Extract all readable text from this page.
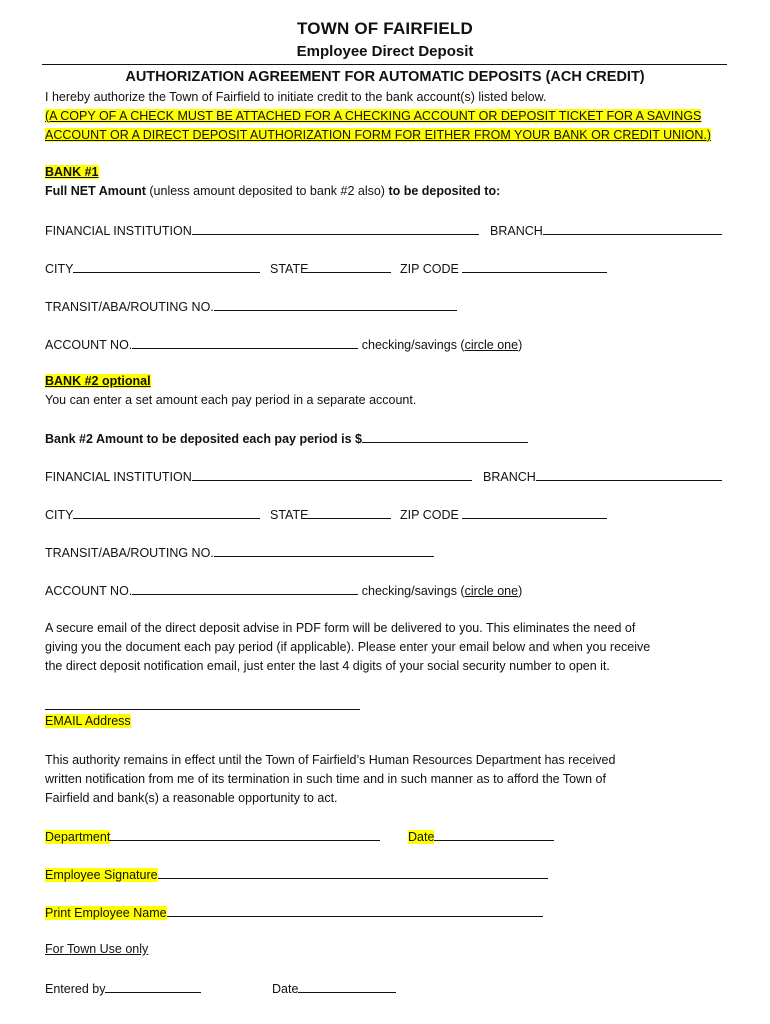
TOWN OF FAIRFIELD
Employee Direct Deposit
AUTHORIZATION AGREEMENT FOR AUTOMATIC DEPOSITS (ACH CREDIT)
I hereby authorize the Town of Fairfield to initiate credit to the bank account(s) listed below.
(A COPY OF A CHECK MUST BE ATTACHED FOR A CHECKING ACCOUNT OR DEPOSIT TICKET FOR A SAVINGS
ACCOUNT OR A DIRECT DEPOSIT AUTHORIZATION FORM FOR EITHER FROM YOUR BANK OR CREDIT UNION.)
BANK #1
Full NET Amount (unless amount deposited to bank #2 also) to be deposited to:
FINANCIAL INSTITUTION	BRANCH
CITY	STATE	ZIP CODE
TRANSIT/ABA/ROUTING NO.
ACCOUNT NO.	checking/savings (circle one)
BANK #2 optional
You can enter a set amount each pay period in a separate account.
Bank #2 Amount to be deposited each pay period is $
FINANCIAL INSTITUTION	BRANCH
CITY	STATE	ZIP CODE
TRANSIT/ABA/ROUTING NO.
ACCOUNT NO.	checking/savings (circle one)
A secure email of the direct deposit advise in PDF form will be delivered to you. This eliminates the need of
giving you the document each pay period (if applicable). Please enter your email below and when you receive
the direct deposit notification email, just enter the last 4 digits of your social security number to open it.
EMAIL Address
This authority remains in effect until the Town of Fairfield’s Human Resources Department has received
written notification from me of its termination in such time and in such manner as to afford the Town of
Fairfield and bank(s) a reasonable opportunity to act.
Department	Date
Employee Signature
Print Employee Name
For Town Use only
Entered by	Date
